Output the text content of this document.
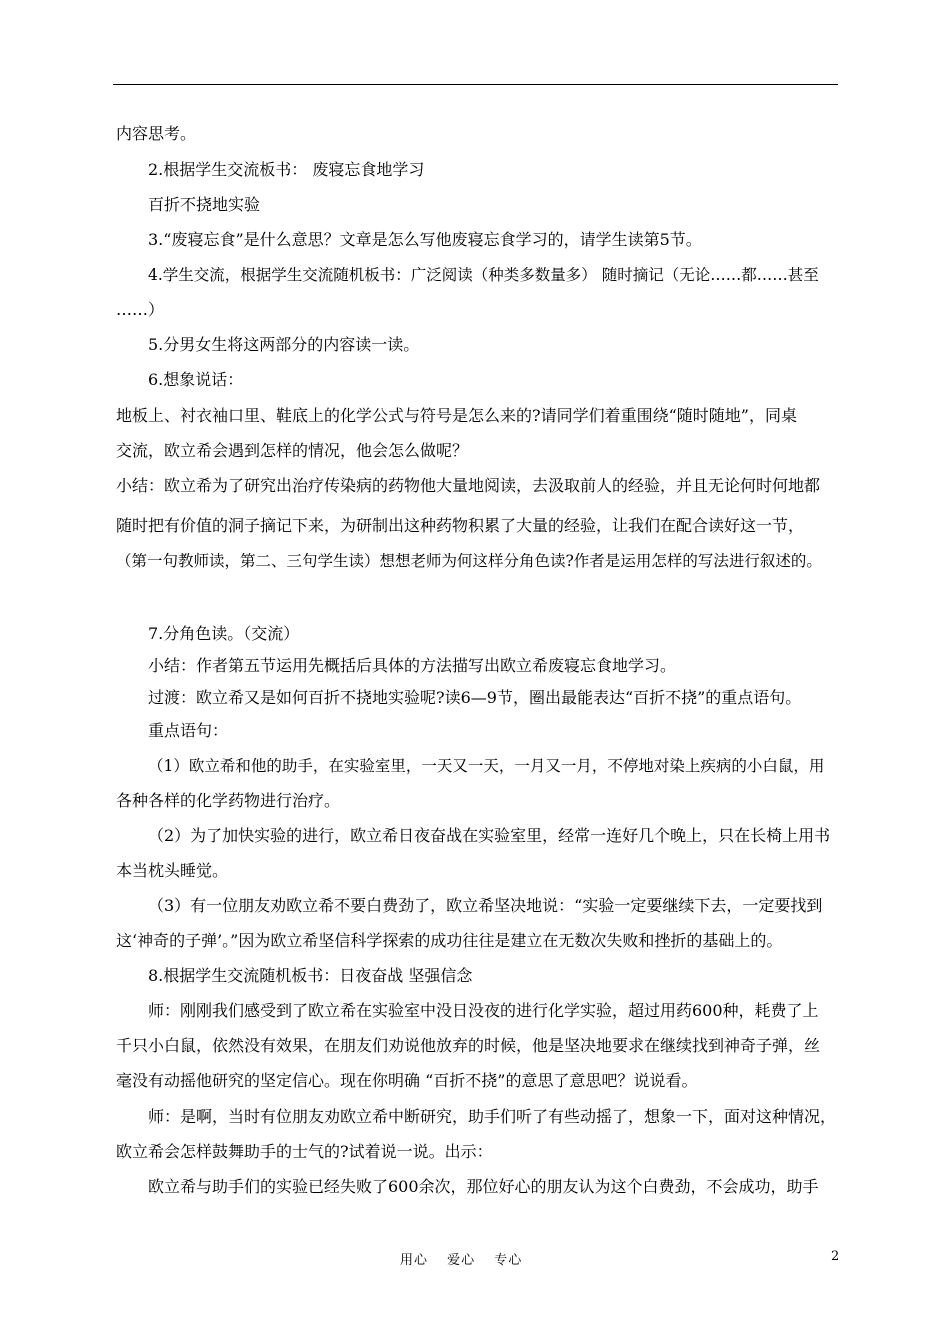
内容思考。
2.根据学生交流板书： 废寝忘食地学习
百折不挠地实验
3.“废寝忘食”是什么意思？文章是怎么写他废寝忘食学习的，请学生读第5节。
4.学生交流，根据学生交流随机板书：广泛阅读（种类多数量多） 随时摘记（无论……都……甚至
……）
5.分男女生将这两部分的内容读一读。
6.想象说话：
地板上、衬衣袖口里、鞋底上的化学公式与符号是怎么来的?请同学们着重围绕“随时随地”，同桌
交流，欧立希会遇到怎样的情况，他会怎么做呢？
小结：欧立希为了研究出治疗传染病的药物他大量地阅读，去汲取前人的经验，并且无论何时何地都
随时把有价值的洞子摘记下来，为研制出这种药物积累了大量的经验，让我们在配合读好这一节，
（第一句教师读，第二、三句学生读）想想老师为何这样分角色读?作者是运用怎样的写法进行叙述的。
7.分角色读。（交流）
小结：作者第五节运用先概括后具体的方法描写出欧立希废寝忘食地学习。
过渡：欧立希又是如何百折不挠地实验呢?读6—9节，圈出最能表达“百折不挠”的重点语句。
重点语句：
（1）欧立希和他的助手，在实验室里，一天又一天，一月又一月，不停地对染上疾病的小白鼠，用
各种各样的化学药物进行治疗。
（2）为了加快实验的进行，欧立希日夜奋战在实验室里，经常一连好几个晚上，只在长椅上用书
本当枕头睡觉。
（3）有一位朋友劝欧立希不要白费劲了，欧立希坚决地说：“实验一定要继续下去，一定要找到
这‘神奇的子弹’。”因为欧立希坚信科学探索的成功往往是建立在无数次失败和挫折的基础上的。
8.根据学生交流随机板书：日夜奋战 坚强信念
师：刚刚我们感受到了欧立希在实验室中没日没夜的进行化学实验，超过用药600种，耗费了上
千只小白鼠，依然没有效果，在朋友们劝说他放弃的时候，他是坚决地要求在继续找到神奇子弹，丝
毫没有动摇他研究的坚定信心。现在你明确 “百折不挠”的意思了意思吧？说说看。
师：是啊，当时有位朋友劝欧立希中断研究，助手们听了有些动摇了，想象一下，面对这种情况，
欧立希会怎样鼓舞助手的士气的?试着说一说。出示：
欧立希与助手们的实验已经失败了600余次，那位好心的朋友认为这个白费劲，不会成功，助手
用心 爱心 专心	2
